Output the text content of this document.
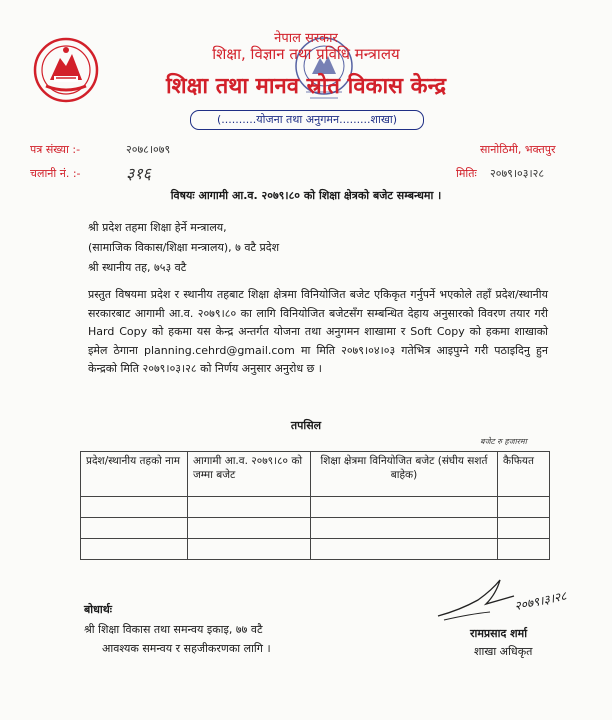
नेपाल सरकार
शिक्षा, विज्ञान तथा प्रविधि मन्त्रालय
शिक्षा तथा मानव स्रोत विकास केन्द्र
(..........योजना तथा अनुगमन.........शाखा)
पत्र संख्या :-	२०७८।०७९
चलानी नं. :-	३१६
सानोठिमी, भक्तपुर
मितिः २०७९।०३।२८
विषयः आगामी आ.व. २०७९।८० को शिक्षा क्षेत्रको बजेट सम्बन्धमा ।
श्री प्रदेश तहमा शिक्षा हेर्ने मन्त्रालय,
(सामाजिक विकास/शिक्षा मन्त्रालय), ७ वटै प्रदेश
श्री स्थानीय तह, ७५३ वटै
प्रस्तुत विषयमा प्रदेश र स्थानीय तहबाट शिक्षा क्षेत्रमा विनियोजित बजेट एकिकृत गर्नुपर्ने भएकोले तहाँ प्रदेश/स्थानीय सरकारबाट आगामी आ.व. २०७९।८० का लागि विनियोजित बजेटसँग सम्बन्धित देहाय अनुसारको विवरण तयार गरी Hard Copy को हकमा यस केन्द्र अन्तर्गत योजना तथा अनुगमन शाखामा र Soft Copy को हकमा शाखाको इमेल ठेगाना planning.cehrd@gmail.com मा मिति २०७९।०४।०३ गतेभित्र आइपुग्ने गरी पठाइदिनु हुन केन्द्रको मिति २०७९।०३।२८ को निर्णय अनुसार अनुरोध छ ।
तपसिल
बजेट रु हजारमा
प्रदेश/स्थानीय तहको नाम	आगामी आ.व. २०७९।८० को जम्मा बजेट	शिक्षा क्षेत्रमा विनियोजित बजेट (संघीय सशर्त बाहेक)	कैफियत

बोधार्थः
श्री शिक्षा विकास तथा समन्वय इकाइ, ७७ वटै
आवश्यक समन्वय र सहजीकरणका लागि ।
२०७९।३।२८
रामप्रसाद शर्मा
शाखा अधिकृत
